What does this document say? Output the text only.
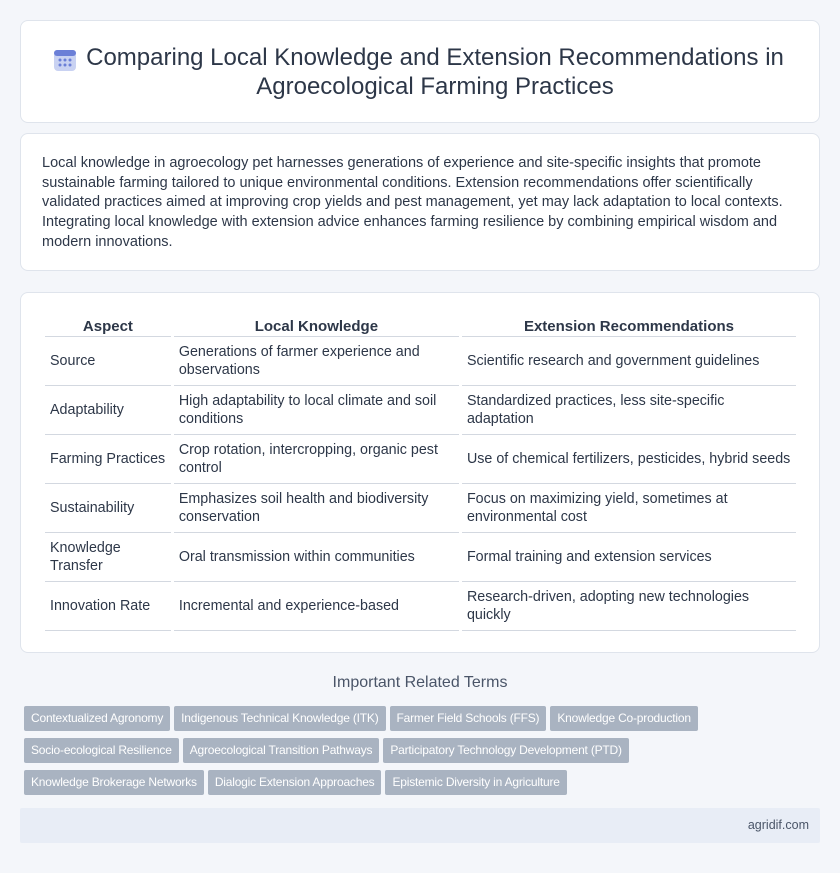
Comparing Local Knowledge and Extension Recommendations in Agroecological Farming Practices

Local knowledge in agroecology pet harnesses generations of experience and site-specific insights that promote sustainable farming tailored to unique environmental conditions. Extension recommendations offer scientifically validated practices aimed at improving crop yields and pest management, yet may lack adaptation to local contexts. Integrating local knowledge with extension advice enhances farming resilience by combining empirical wisdom and modern innovations.

Aspect	Local Knowledge	Extension Recommendations
Source	Generations of farmer experience and observations	Scientific research and government guidelines
Adaptability	High adaptability to local climate and soil conditions	Standardized practices, less site-specific adaptation
Farming Practices	Crop rotation, intercropping, organic pest control	Use of chemical fertilizers, pesticides, hybrid seeds
Sustainability	Emphasizes soil health and biodiversity conservation	Focus on maximizing yield, sometimes at environmental cost
Knowledge Transfer	Oral transmission within communities	Formal training and extension services
Innovation Rate	Incremental and experience-based	Research-driven, adopting new technologies quickly
Important Related Terms
Contextualized Agronomy Indigenous Technical Knowledge (ITK) Farmer Field Schools (FFS) Knowledge Co-production
Socio-ecological Resilience Agroecological Transition Pathways Participatory Technology Development (PTD)
Knowledge Brokerage Networks Dialogic Extension Approaches Epistemic Diversity in Agriculture
agridif.com
